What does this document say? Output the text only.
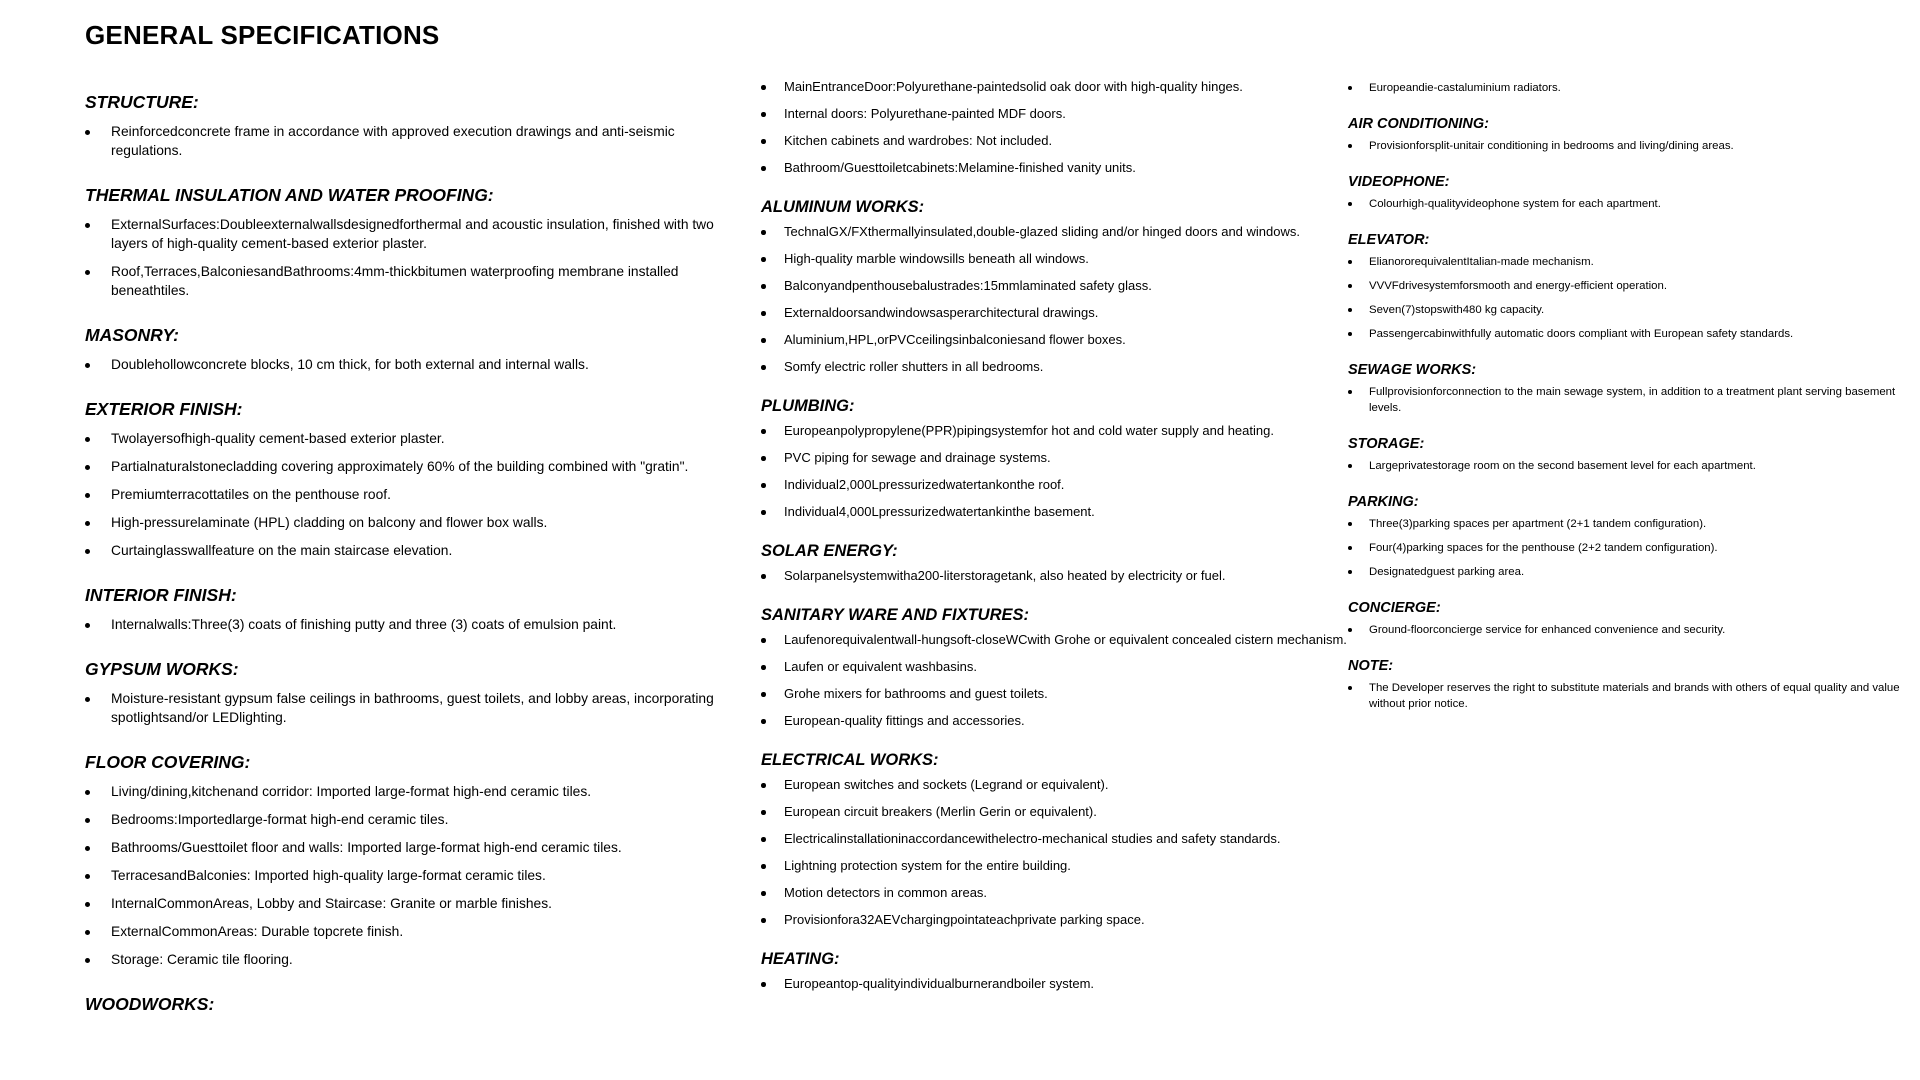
GENERAL SPECIFICATIONS
STRUCTURE:
Reinforcedconcrete frame in accordance with approved execution drawings and anti-seismic regulations.
THERMAL INSULATION AND WATER PROOFING:
ExternalSurfaces:Doubleexternalwallsdesignedforthermal and acoustic insulation, finished with two layers of high-quality cement-based exterior plaster.
Roof,Terraces,BalconiesandBathrooms:4mm-thickbitumen waterproofing membrane installed beneathtiles.
MASONRY:
Doublehollowconcrete blocks, 10 cm thick, for both external and internal walls.
EXTERIOR FINISH:
Twolayersofhigh-quality cement-based exterior plaster.
Partialnaturalstonecladding covering approximately 60% of the building combined with "gratin".
Premiumterracottatiles on the penthouse roof.
High-pressurelaminate (HPL) cladding on balcony and flower box walls.
Curtainglasswallfeature on the main staircase elevation.
INTERIOR FINISH:
Internalwalls:Three(3) coats of finishing putty and three (3) coats of emulsion paint.
GYPSUM WORKS:
Moisture-resistant gypsum false ceilings in bathrooms, guest toilets, and lobby areas, incorporating spotlightsand/or LEDlighting.
FLOOR COVERING:
Living/dining,kitchenand corridor: Imported large-format high-end ceramic tiles.
Bedrooms:Importedlarge-format high-end ceramic tiles.
Bathrooms/Guesttoilet floor and walls: Imported large-format high-end ceramic tiles.
TerracesandBalconies: Imported high-quality large-format ceramic tiles.
InternalCommonAreas, Lobby and Staircase: Granite or marble finishes.
ExternalCommonAreas: Durable topcrete finish.
Storage: Ceramic tile flooring.
WOODWORKS:
MainEntranceDoor:Polyurethane-paintedsolid oak door with high-quality hinges.
Internal doors: Polyurethane-painted MDF doors.
Kitchen cabinets and wardrobes: Not included.
Bathroom/Guesttoiletcabinets:Melamine-finished vanity units.
ALUMINUM WORKS:
TechnalGX/FXthermallyinsulated,double-glazed sliding and/or hinged doors and windows.
High-quality marble windowsills beneath all windows.
Balconyandpenthousebalustrades:15mmlaminated safety glass.
Externaldoorsandwindowsasperarchitectural drawings.
Aluminium,HPL,orPVCceilingsinbalconiesand flower boxes.
Somfy electric roller shutters in all bedrooms.
PLUMBING:
Europeanpolypropylene(PPR)pipingsystemfor hot and cold water supply and heating.
PVC piping for sewage and drainage systems.
Individual2,000Lpressurizedwatertankonthe roof.
Individual4,000Lpressurizedwatertankinthe basement.
SOLAR ENERGY:
Solarpanelsystemwitha200-literstoragetank, also heated by electricity or fuel.
SANITARY WARE AND FIXTURES:
Laufenorequivalentwall-hungsoft-closeWCwith Grohe or equivalent concealed cistern mechanism.
Laufen or equivalent washbasins.
Grohe mixers for bathrooms and guest toilets.
European-quality fittings and accessories.
ELECTRICAL WORKS:
European switches and sockets (Legrand or equivalent).
European circuit breakers (Merlin Gerin or equivalent).
Electricalinstallationinaccordancewithelectro-mechanical studies and safety standards.
Lightning protection system for the entire building.
Motion detectors in common areas.
Provisionfora32AEVchargingpointateachprivate parking space.
HEATING:
Europeantop-qualityindividualburnerandboiler system.
Europeandie-castaluminium radiators.
AIR CONDITIONING:
Provisionforsplit-unitair conditioning in bedrooms and living/dining areas.
VIDEOPHONE:
Colourhigh-qualityvideophone system for each apartment.
ELEVATOR:
ElianororequivalentItalian-made mechanism.
VVVFdrivesystemforsmooth and energy-efficient operation.
Seven(7)stopswith480 kg capacity.
Passengercabinwithfully automatic doors compliant with European safety standards.
SEWAGE WORKS:
Fullprovisionforconnection to the main sewage system, in addition to a treatment plant serving basement levels.
STORAGE:
Largeprivatestorage room on the second basement level for each apartment.
PARKING:
Three(3)parking spaces per apartment (2+1 tandem configuration).
Four(4)parking spaces for the penthouse (2+2 tandem configuration).
Designatedguest parking area.
CONCIERGE:
Ground-floorconcierge service for enhanced convenience and security.
NOTE:
The Developer reserves the right to substitute materials and brands with others of equal quality and value without prior notice.
